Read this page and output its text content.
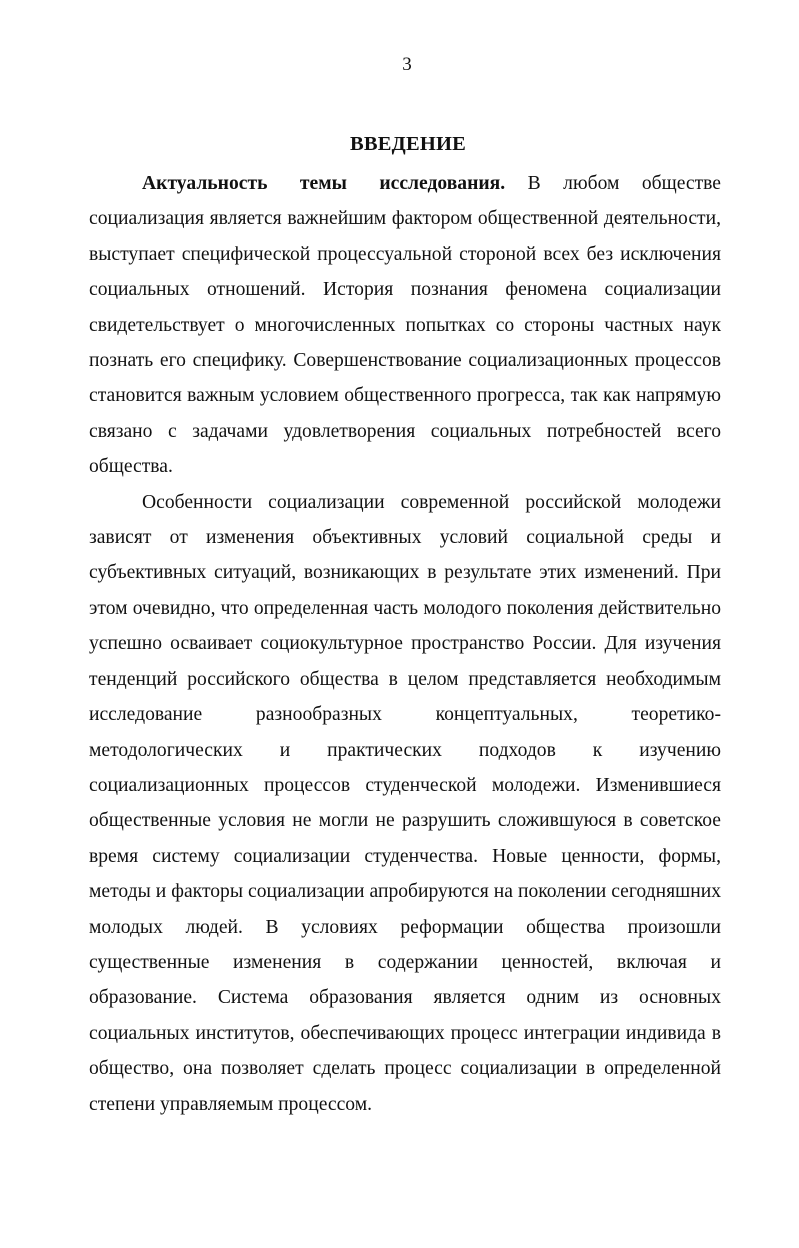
3
ВВЕДЕНИЕ

Актуальность темы исследования. В любом обществе социализация является важнейшим фактором общественной деятельности, выступает специфической процессуальной стороной всех без исключения социальных отношений. История познания феномена социализации свидетельствует о многочисленных попытках со стороны частных наук познать его специфику. Совершенствование социализационных процессов становится важным условием общественного прогресса, так как напрямую связано с задачами удовлетворения социальных потребностей всего общества.

Особенности социализации современной российской молодежи зависят от изменения объективных условий социальной среды и субъективных ситуаций, возникающих в результате этих изменений. При этом очевидно, что определенная часть молодого поколения действительно успешно осваивает социокультурное пространство России. Для изучения тенденций российского общества в целом представляется необходимым исследование разнообразных концептуальных, теоретико-методологических и практических подходов к изучению социализационных процессов студенческой молодежи. Изменившиеся общественные условия не могли не разрушить сложившуюся в советское время систему социализации студенчества. Новые ценности, формы, методы и факторы социализации апробируются на поколении сегодняшних молодых людей. В условиях реформации общества произошли существенные изменения в содержании ценностей, включая и образование. Система образования является одним из основных социальных институтов, обеспечивающих процесс интеграции индивида в общество, она позволяет сделать процесс социализации в определенной степени управляемым процессом.
